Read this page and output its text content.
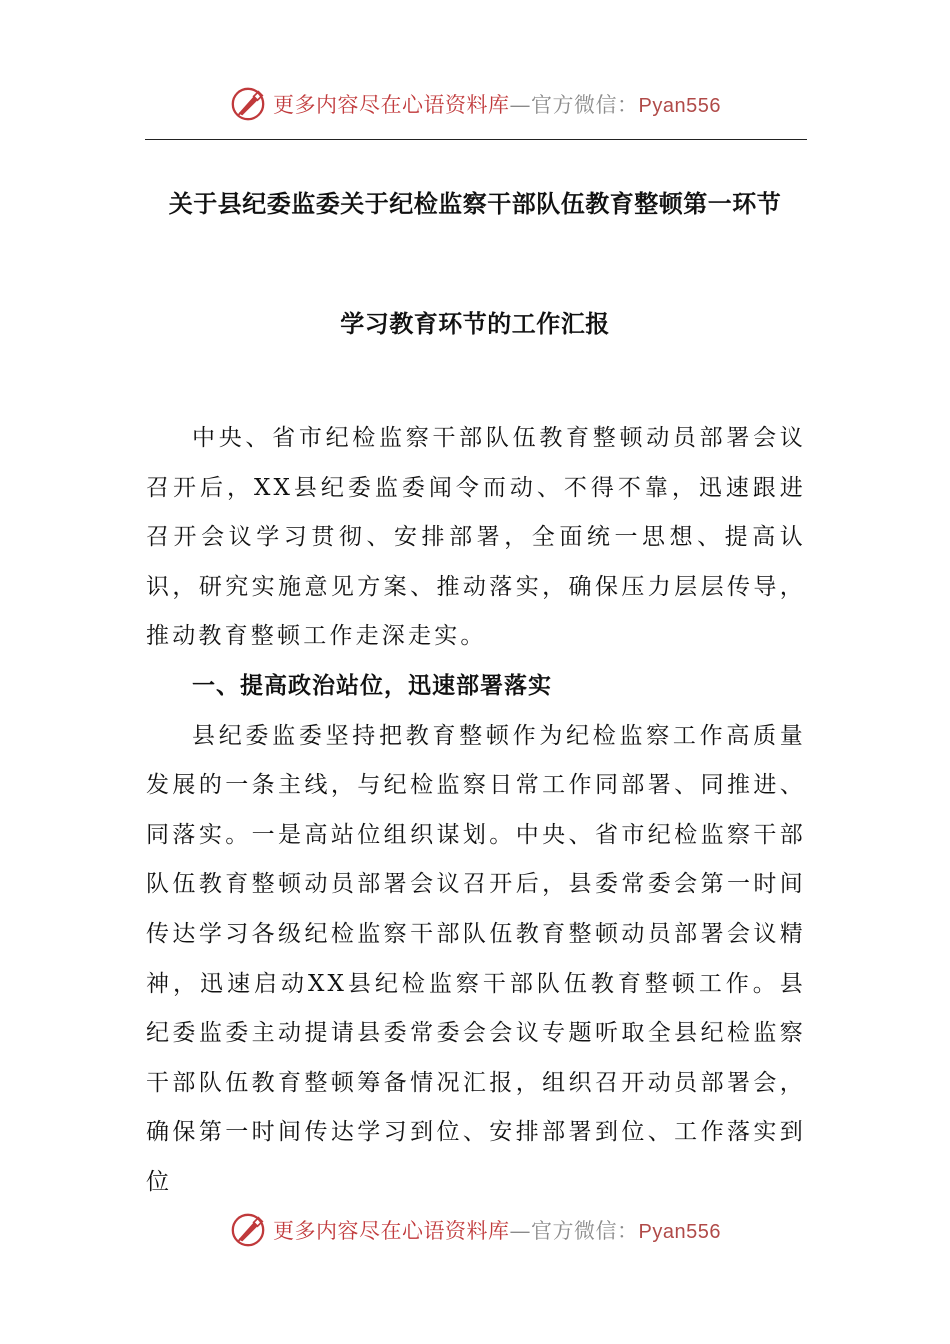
更多内容尽在心语资料库 —官方微信： Pyan556
关于县纪委监委关于纪检监察干部队伍教育整顿第一环节
学习教育环节的工作汇报

中央、省市纪检监察干部队伍教育整顿动员部署会议召开后，XX县纪委监委闻令而动、不得不靠，迅速跟进召开会议学习贯彻、安排部署，全面统一思想、提高认识，研究实施意见方案、推动落实，确保压力层层传导，推动教育整顿工作走深走实。

一、提高政治站位，迅速部署落实

县纪委监委坚持把教育整顿作为纪检监察工作高质量发展的一条主线，与纪检监察日常工作同部署、同推进、同落实。一是高站位组织谋划。中央、省市纪检监察干部队伍教育整顿动员部署会议召开后，县委常委会第一时间传达学习各级纪检监察干部队伍教育整顿动员部署会议精神，迅速启动XX县纪检监察干部队伍教育整顿工作。县纪委监委主动提请县委常委会会议专题听取全县纪检监察干部队伍教育整顿筹备情况汇报，组织召开动员部署会，确保第一时间传达学习到位、安排部署到位、工作落实到位

更多内容尽在心语资料库 —官方微信： Pyan556
